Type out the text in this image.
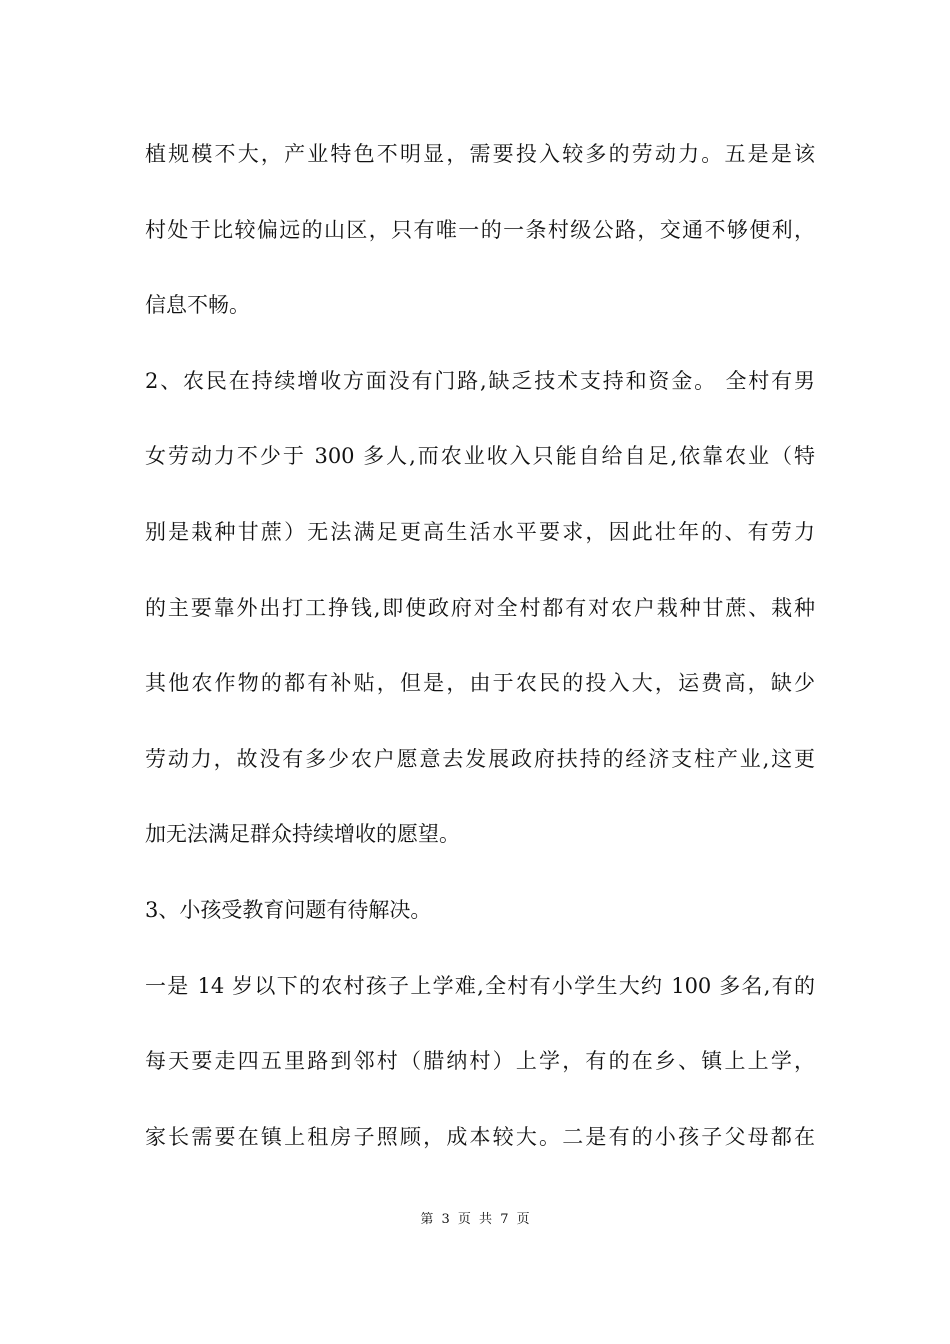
植规模不大，产业特色不明显，需要投入较多的劳动力。五是是该
村处于比较偏远的山区，只有唯一的一条村级公路，交通不够便利，
信息不畅。
2、农民在持续增收方面没有门路,缺乏技术支持和资金。 全村有男
女劳动力不少于 300 多人,而农业收入只能自给自足,依靠农业（特
别是栽种甘蔗）无法满足更高生活水平要求，因此壮年的、有劳力
的主要靠外出打工挣钱,即使政府对全村都有对农户栽种甘蔗、栽种
其他农作物的都有补贴，但是，由于农民的投入大，运费高，缺少
劳动力，故没有多少农户愿意去发展政府扶持的经济支柱产业,这更
加无法满足群众持续增收的愿望。
3、小孩受教育问题有待解决。
一是 14 岁以下的农村孩子上学难,全村有小学生大约 100 多名,有的
每天要走四五里路到邻村（腊纳村）上学，有的在乡、镇上上学，
家长需要在镇上租房子照顾，成本较大。二是有的小孩子父母都在
第 3 页 共 7 页
